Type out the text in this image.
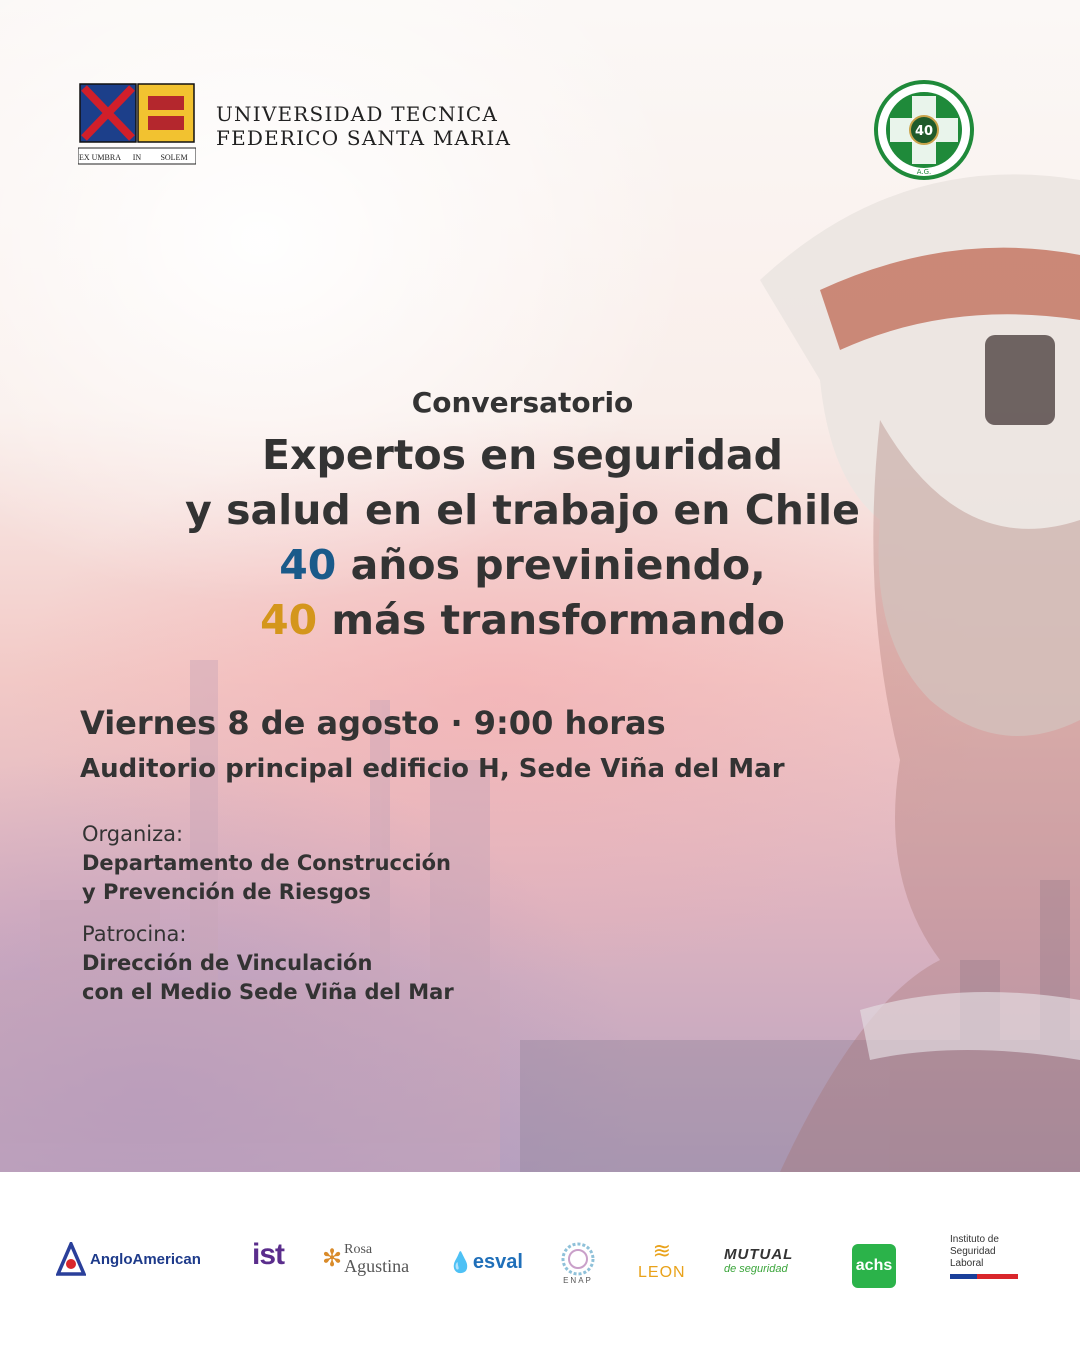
EX UMBRA IN SOLEM
UNIVERSIDAD TECNICA
FEDERICO SANTA MARIA	40
A.G.
Conversatorio
Expertos en seguridad
y salud en el trabajo en Chile
40 años previniendo,
40 más transformando
Viernes 8 de agosto · 9:00 horas
Auditorio principal edificio H, Sede Viña del Mar
Organiza:
Departamento de Construcción
y Prevención de Riesgos
Patrocina:
Dirección de Vinculación
con el Medio Sede Viña del Mar
AngloAmerican ist ✻ Rosa
Agustina 💧 esval
ENAP
≋
LEON
MUTUAL
de seguridad	achs
Instituto de
Seguridad
Laboral
